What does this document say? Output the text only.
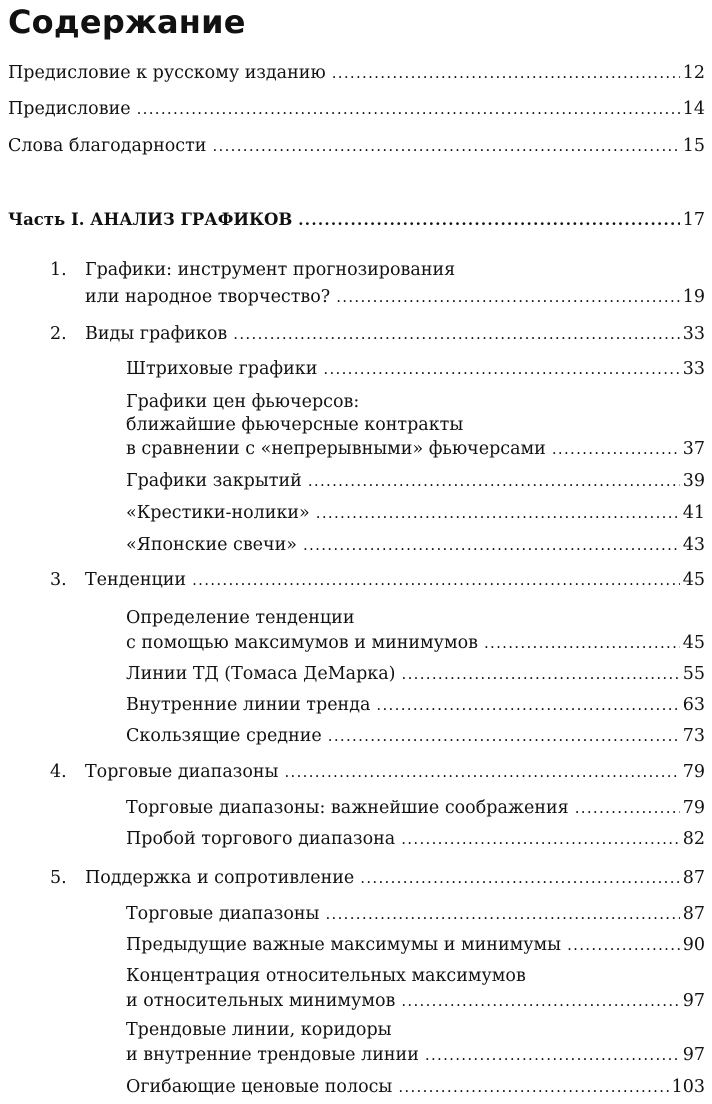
Содержание
Предисловие к русскому изданию .....	12
Предисловие .....	14
Слова благодарности .....	15
Часть I. АНАЛИЗ ГРАФИКОВ .....	17
1. Графики: инструмент прогнозирования
или народное творчество? .....	19
2. Виды графиков .....	33
Штриховые графики .....	33
Графики цен фьючерсов:
ближайшие фьючерсные контракты
в сравнении с «непрерывными» фьючерсами .....	37
Графики закрытий .....	39
«Крестики-нолики» .....	41
«Японские свечи» .....	43
3. Тенденции .....	45
Определение тенденции
с помощью максимумов и минимумов .....	45
Линии ТД (Томаса ДеМарка) .....	55
Внутренние линии тренда .....	63
Скользящие средние .....	73
4. Торговые диапазоны .....	79
Торговые диапазоны: важнейшие соображения .....	79
Пробой торгового диапазона .....	82
5. Поддержка и сопротивление .....	87
Торговые диапазоны .....	87
Предыдущие важные максимумы и минимумы .....	90
Концентрация относительных максимумов
и относительных минимумов .....	97
Трендовые линии, коридоры
и внутренние трендовые линии .....	97
Огибающие ценовые полосы .....	103
